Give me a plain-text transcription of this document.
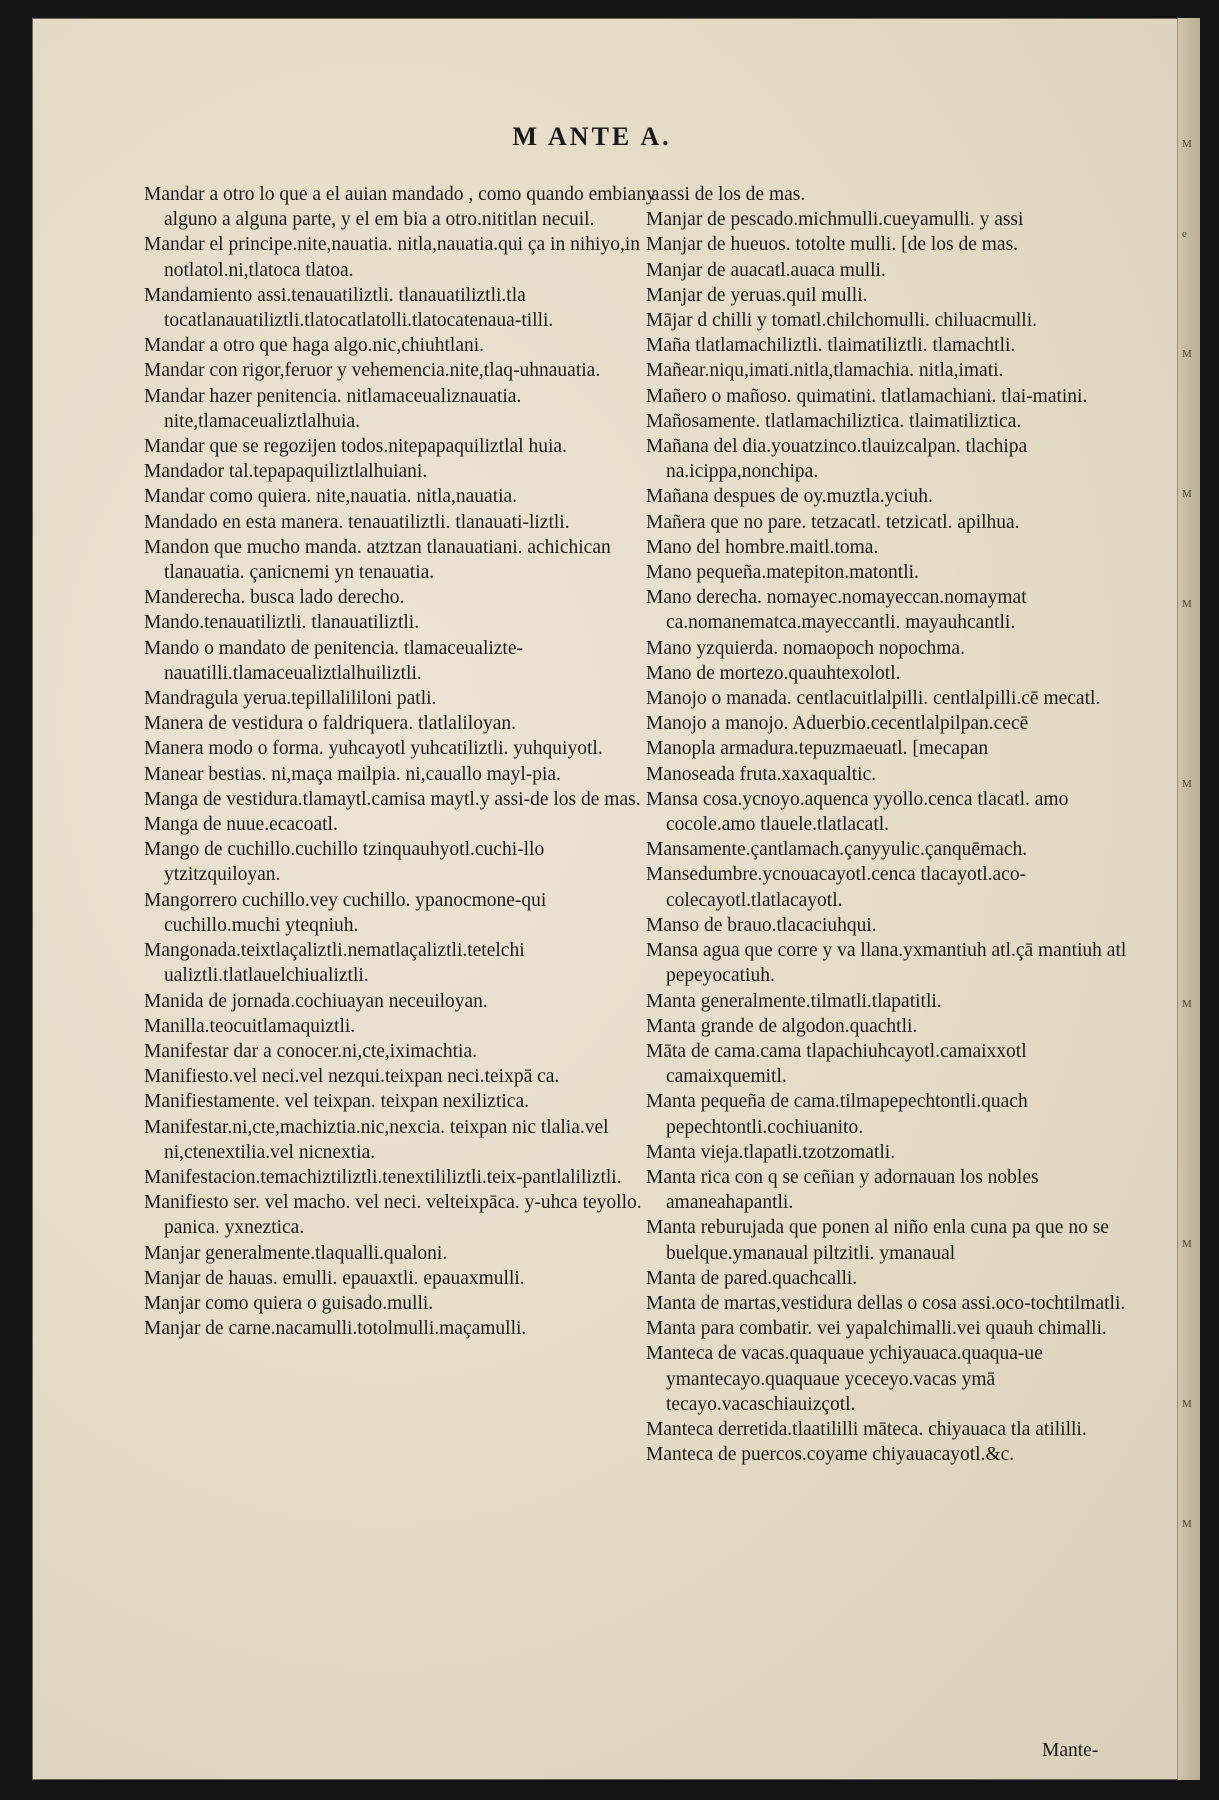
M
e
M
M
M
M
M
M
M
M
M ANTE A.
Mandar a otro lo que a el auian mandado , como quando embian a alguno a alguna parte, y el em bia a otro.nititlan necuil.
Mandar el principe.nite,nauatia. nitla,nauatia.qui ça in nihiyo,in notlatol.ni,tlatoca tlatoa.
Mandamiento assi.tenauatiliztli. tlanauatiliztli.tla tocatlanauatiliztli.tlatocatlatolli.tlatocatenaua-tilli.
Mandar a otro que haga algo.nic,chiuhtlani.
Mandar con rigor,feruor y vehemencia.nite,tlaq-uhnauatia.
Mandar hazer penitencia. nitlamaceualiznauatia. nite,tlamaceualiztlalhuia.
Mandar que se regozijen todos.nitepapaquiliztlal huia.
Mandador tal.tepapaquiliztlalhuiani.
Mandar como quiera. nite,nauatia. nitla,nauatia.
Mandado en esta manera. tenauatiliztli. tlanauati-liztli.
Mandon que mucho manda. atztzan tlanauatiani. achichican tlanauatia. çanicnemi yn tenauatia.
Manderecha. busca lado derecho.
Mando.tenauatiliztli. tlanauatiliztli.
Mando o mandato de penitencia. tlamaceualizte-nauatilli.tlamaceualiztlalhuiliztli.
Mandragula yerua.tepillalililoni patli.
Manera de vestidura o faldriquera. tlatlaliloyan.
Manera modo o forma. yuhcayotl yuhcatiliztli. yuhquiyotl.
Manear bestias. ni,maça mailpia. ni,cauallo mayl-pia.
Manga de vestidura.tlamaytl.camisa maytl.y assi-de los de mas.
Manga de nuue.ecacoatl.
Mango de cuchillo.cuchillo tzinquauhyotl.cuchi-llo ytzitzquiloyan.
Mangorrero cuchillo.vey cuchillo. ypanocmone-qui cuchillo.muchi yteqniuh.
Mangonada.teixtlaçaliztli.nematlaçaliztli.tetelchi ualiztli.tlatlauelchiualiztli.
Manida de jornada.cochiuayan neceuiloyan.
Manilla.teocuitlamaquiztli.
Manifestar dar a conocer.ni,cte,iximachtia.
Manifiesto.vel neci.vel nezqui.teixpan neci.teixpā ca.
Manifiestamente. vel teixpan. teixpan nexiliztica.
Manifestar.ni,cte,machiztia.nic,nexcia. teixpan nic tlalia.vel ni,ctenextilia.vel nicnextia.
Manifestacion.temachiztiliztli.tenextililiztli.teix-pantlaliliztli.
Manifiesto ser. vel macho. vel neci. velteixpāca. y-uhca teyollo. panica. yxneztica.
Manjar generalmente.tlaqualli.qualoni.
Manjar de hauas. emulli. epauaxtli. epauaxmulli.
Manjar como quiera o guisado.mulli.
Manjar de carne.nacamulli.totolmulli.maçamulli.
y assi de los de mas.
Manjar de pescado.michmulli.cueyamulli. y assi
Manjar de hueuos. totolte mulli. [de los de mas.
Manjar de auacatl.auaca mulli.
Manjar de yeruas.quil mulli.
Mājar d chilli y tomatl.chilchomulli. chiluacmulli.
Maña tlatlamachiliztli. tlaimatiliztli. tlamachtli.
Mañear.niqu,imati.nitla,tlamachia. nitla,imati.
Mañero o mañoso. quimatini. tlatlamachiani. tlai-matini.
Mañosamente. tlatlamachiliztica. tlaimatiliztica.
Mañana del dia.youatzinco.tlauizcalpan. tlachipa na.icippa,nonchipa.
Mañana despues de oy.muztla.yciuh.
Mañera que no pare. tetzacatl. tetzicatl. apilhua.
Mano del hombre.maitl.toma.
Mano pequeña.matepiton.matontli.
Mano derecha. nomayec.nomayeccan.nomaymat ca.nomanematca.mayeccantli. mayauhcantli.
Mano yzquierda. nomaopoch nopochma.
Mano de mortezo.quauhtexolotl.
Manojo o manada. centlacuitlalpilli. centlalpilli.cē mecatl.
Manojo a manojo. Aduerbio.cecentlalpilpan.cecē
Manopla armadura.tepuzmaeuatl. [mecapan
Manoseada fruta.xaxaqualtic.
Mansa cosa.ycnoyo.aquenca yyollo.cenca tlacatl. amo cocole.amo tlauele.tlatlacatl.
Mansamente.çantlamach.çanyyulic.çanquēmach.
Mansedumbre.ycnouacayotl.cenca tlacayotl.aco-colecayotl.tlatlacayotl.
Manso de brauo.tlacaciuhqui.
Mansa agua que corre y va llana.yxmantiuh atl.çā mantiuh atl pepeyocatiuh.
Manta generalmente.tilmatli.tlapatitli.
Manta grande de algodon.quachtli.
Māta de cama.cama tlapachiuhcayotl.camaixxotl camaixquemitl.
Manta pequeña de cama.tilmapepechtontli.quach pepechtontli.cochiuanito.
Manta vieja.tlapatli.tzotzomatli.
Manta rica con q se ceñian y adornauan los nobles amaneahapantli.
Manta reburujada que ponen al niño enla cuna pa que no se buelque.ymanaual piltzitli. ymanaual
Manta de pared.quachcalli.
Manta de martas,vestidura dellas o cosa assi.oco-tochtilmatli.
Manta para combatir. vei yapalchimalli.vei quauh chimalli.
Manteca de vacas.quaquaue ychiyauaca.quaqua-ue ymantecayo.quaquaue yceceyo.vacas ymā tecayo.vacaschiauizçotl.
Manteca derretida.tlaatililli māteca. chiyauaca tla atililli.
Manteca de puercos.coyame chiyauacayotl.&c.
Mante-
